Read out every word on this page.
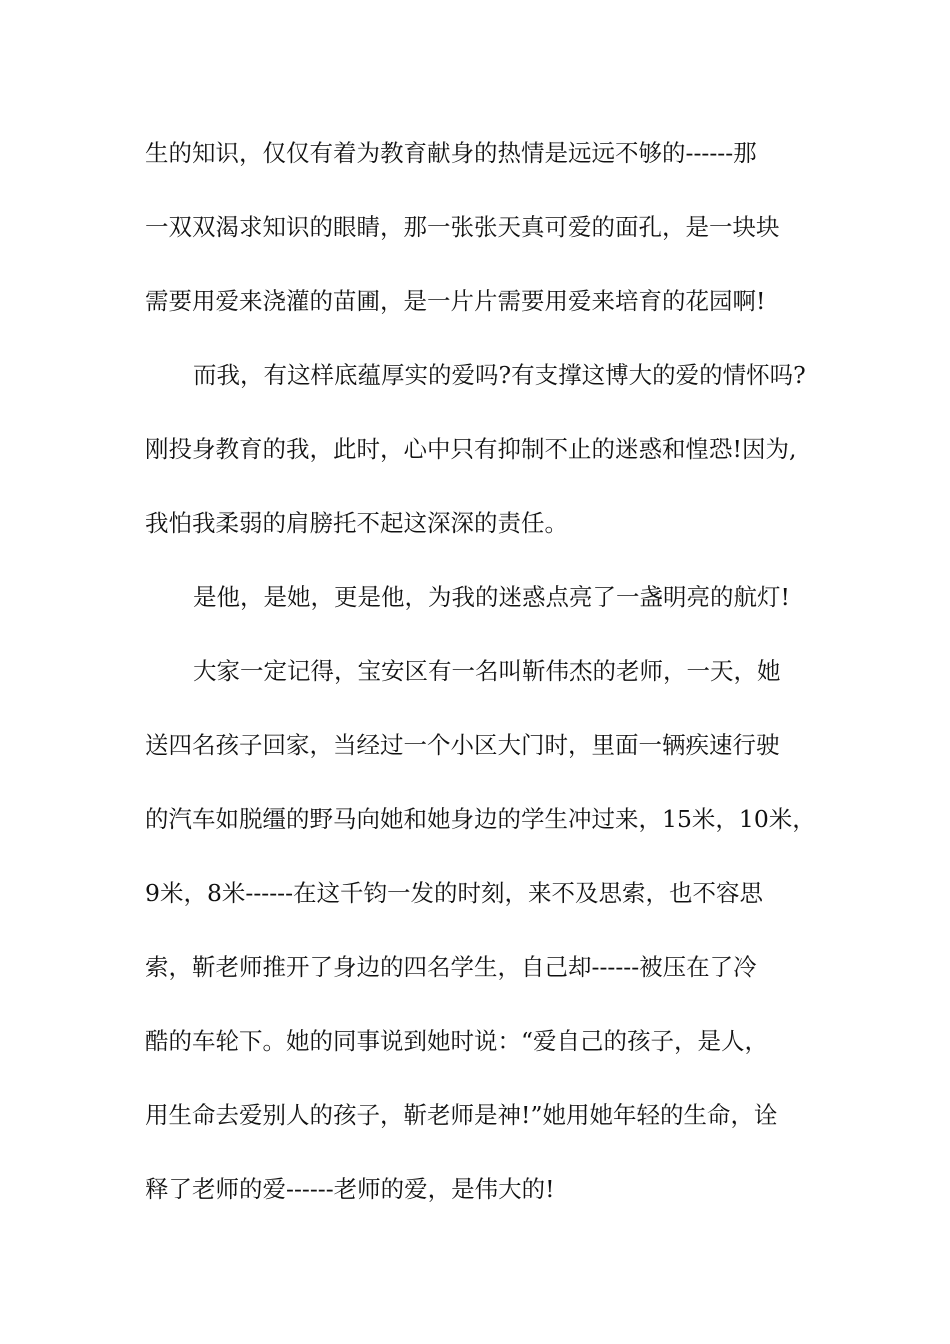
生的知识，仅仅有着为教育献身的热情是远远不够的------那
一双双渴求知识的眼睛，那一张张天真可爱的面孔，是一块块
需要用爱来浇灌的苗圃，是一片片需要用爱来培育的花园啊!
而我，有这样底蕴厚实的爱吗?有支撑这博大的爱的情怀吗?
刚投身教育的我，此时，心中只有抑制不止的迷惑和惶恐!因为,
我怕我柔弱的肩膀托不起这深深的责任。
是他，是她，更是他，为我的迷惑点亮了一盏明亮的航灯!
大家一定记得，宝安区有一名叫靳伟杰的老师，一天，她
送四名孩子回家，当经过一个小区大门时，里面一辆疾速行驶
的汽车如脱缰的野马向她和她身边的学生冲过来，15米，10米，
9米，8米------在这千钧一发的时刻，来不及思索，也不容思
索，靳老师推开了身边的四名学生，自己却------被压在了冷
酷的车轮下。她的同事说到她时说：“爱自己的孩子，是人，
用生命去爱别人的孩子，靳老师是神!”她用她年轻的生命，诠
释了老师的爱------老师的爱，是伟大的!
